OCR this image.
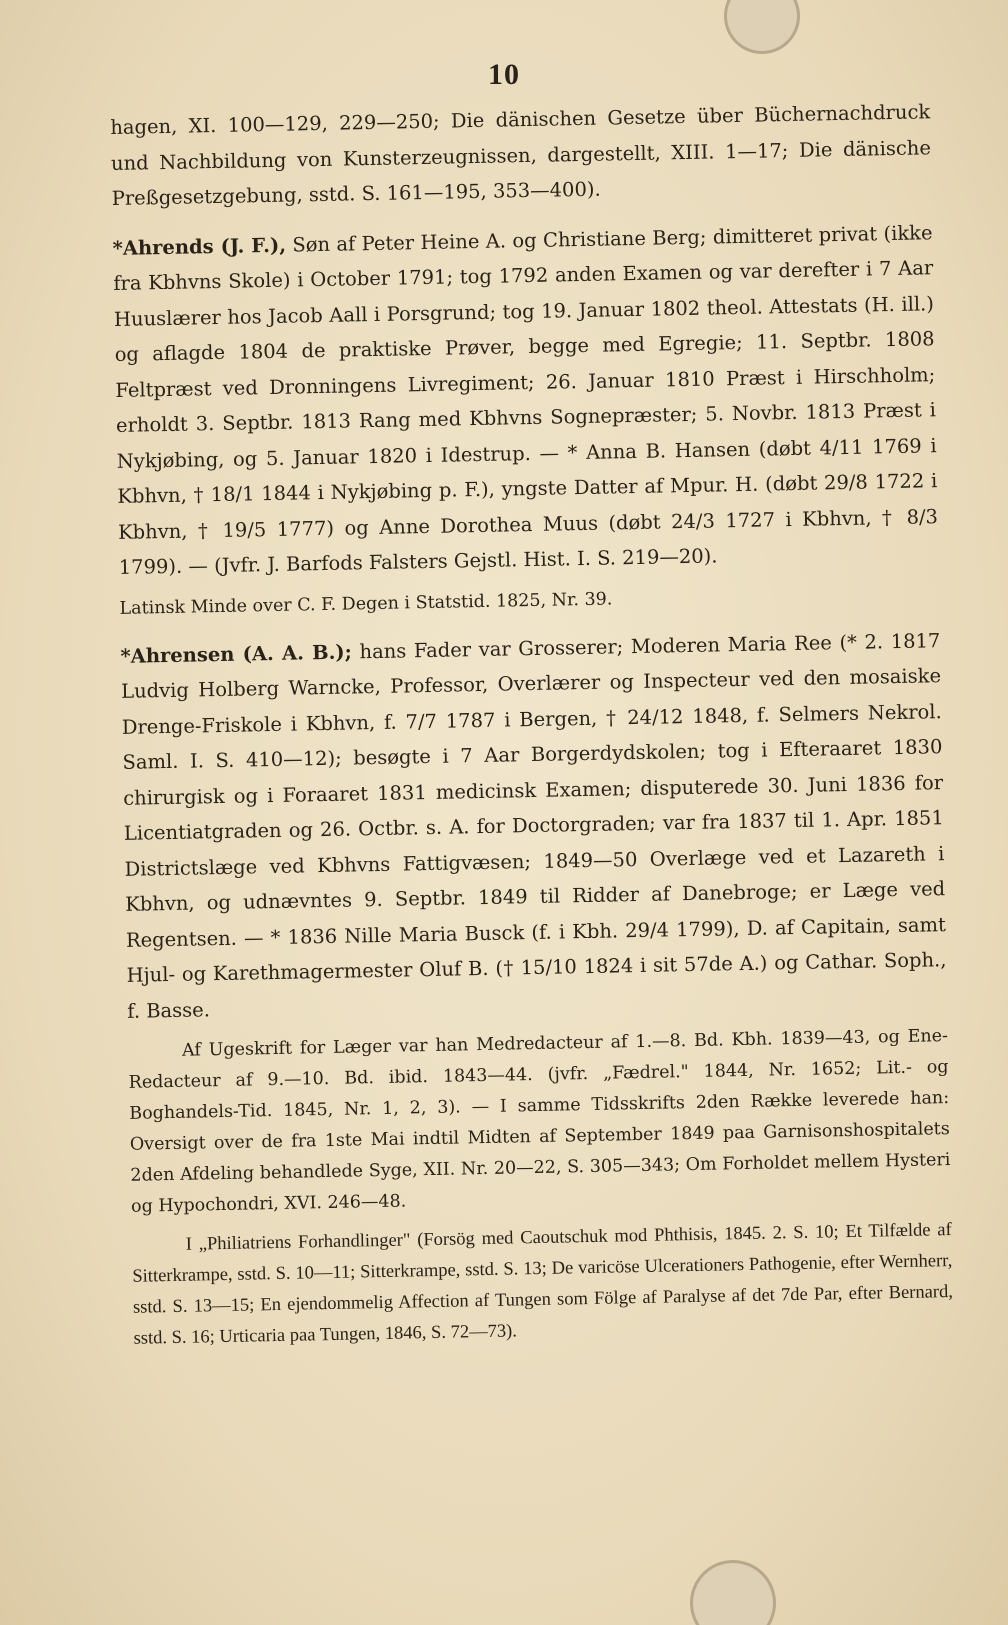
10

hagen, XI. 100—129, 229—250; Die dänischen Gesetze über Büchernachdruck und Nachbildung von Kunsterzeugnissen, dargestellt, XIII. 1—17; Die dänische Preßgesetzgebung, sstd. S. 161—195, 353—400).

*Ahrends (J. F.), Søn af Peter Heine A. og Christiane Berg; dimitteret privat (ikke fra Kbhvns Skole) i October 1791; tog 1792 anden Examen og var derefter i 7 Aar Huuslærer hos Jacob Aall i Porsgrund; tog 19. Januar 1802 theol. Attestats (H. ill.) og aflagde 1804 de praktiske Prøver, begge med Egregie; 11. Septbr. 1808 Feltpræst ved Dronningens Livregiment; 26. Januar 1810 Præst i Hirschholm; erholdt 3. Septbr. 1813 Rang med Kbhvns Sognepræster; 5. Novbr. 1813 Præst i Nykjøbing, og 5. Januar 1820 i Idestrup. — * Anna B. Hansen (døbt 4/11 1769 i Kbhvn, † 18/1 1844 i Nykjøbing p. F.), yngste Datter af Mpur. H. (døbt 29/8 1722 i Kbhvn, † 19/5 1777) og Anne Dorothea Muus (døbt 24/3 1727 i Kbhvn, † 8/3 1799). — (Jvfr. J. Barfods Falsters Gejstl. Hist. I. S. 219—20).

Latinsk Minde over C. F. Degen i Statstid. 1825, Nr. 39.

*Ahrensen (A. A. B.); hans Fader var Grosserer; Moderen Maria Ree (* 2. 1817 Ludvig Holberg Warncke, Professor, Overlærer og Inspecteur ved den mosaiske Drenge-Friskole i Kbhvn, f. 7/7 1787 i Bergen, † 24/12 1848, f. Selmers Nekrol. Saml. I. S. 410—12); besøgte i 7 Aar Borgerdydskolen; tog i Efteraaret 1830 chirurgisk og i Foraaret 1831 medicinsk Examen; disputerede 30. Juni 1836 for Licentiatgraden og 26. Octbr. s. A. for Doctorgraden; var fra 1837 til 1. Apr. 1851 Districtslæge ved Kbhvns Fattigvæsen; 1849—50 Overlæge ved et Lazareth i Kbhvn, og udnævntes 9. Septbr. 1849 til Ridder af Danebroge; er Læge ved Regentsen. — * 1836 Nille Maria Busck (f. i Kbh. 29/4 1799), D. af Capitain, samt Hjul- og Karethmagermester Oluf B. († 15/10 1824 i sit 57de A.) og Cathar. Soph., f. Basse.

Af Ugeskrift for Læger var han Medredacteur af 1.—8. Bd. Kbh. 1839—43, og Ene-Redacteur af 9.—10. Bd. ibid. 1843—44. (jvfr. „Fædrel." 1844, Nr. 1652; Lit.- og Boghandels-Tid. 1845, Nr. 1, 2, 3). — I samme Tidsskrifts 2den Række leverede han: Oversigt over de fra 1ste Mai indtil Midten af September 1849 paa Garnisonshospitalets 2den Afdeling behandlede Syge, XII. Nr. 20—22, S. 305—343; Om Forholdet mellem Hysteri og Hypochondri, XVI. 246—48.

I „Philiatriens Forhandlinger" (Forsög med Caoutschuk mod Phthisis, 1845. 2. S. 10; Et Tilfælde af Sitterkrampe, sstd. S. 10—11; Sitterkrampe, sstd. S. 13; De varicöse Ulcerationers Pathogenie, efter Wernherr, sstd. S. 13—15; En ejendommelig Affection af Tungen som Fölge af Paralyse af det 7de Par, efter Bernard, sstd. S. 16; Urticaria paa Tungen, 1846, S. 72—73).
